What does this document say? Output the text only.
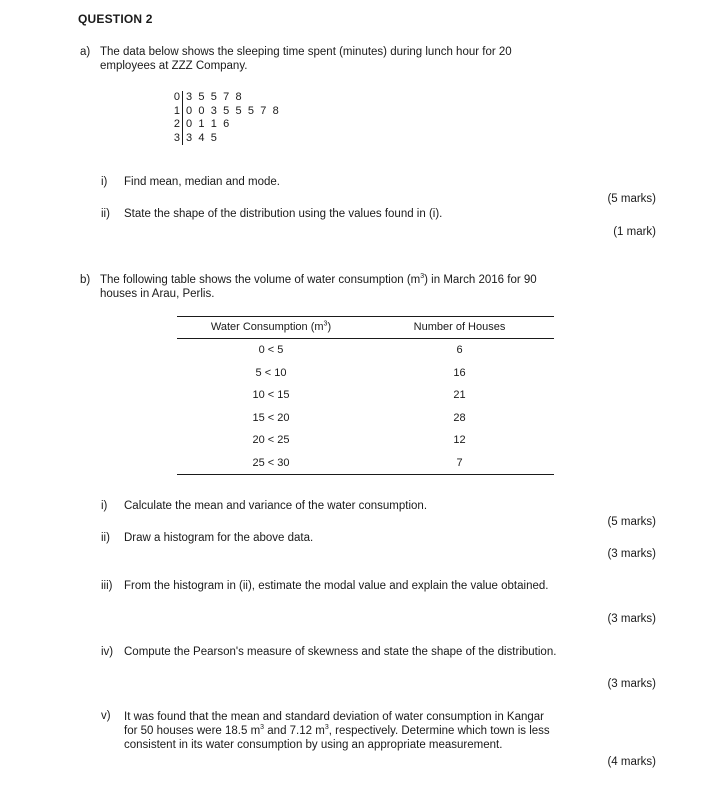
QUESTION 2
a) The data below shows the sleeping time spent (minutes) during lunch hour for 20
employees at ZZZ Company.
0 3 5 5 7 8
1 0 0 3 5 5 5 7 8
2 0 1 1 6
3 3 4 5
i) Find mean, median and mode.
(5 marks)
ii) State the shape of the distribution using the values found in (i).
(1 mark)
b) The following table shows the volume of water consumption $(m^3)$ in March 2016 for 90
houses in Arau, Perlis.
Water Consumption $(m^3)$	Number of Houses
0 < 5	6
5 < 10	16
10 < 15	21
15 < 20	28
20 < 25	12
25 < 30	7
i) Calculate the mean and variance of the water consumption.
(5 marks)
ii) Draw a histogram for the above data.
(3 marks)
iii) From the histogram in (ii), estimate the modal value and explain the value obtained.
(3 marks)
iv) Compute the Pearson's measure of skewness and state the shape of the distribution.
(3 marks)
v) It was found that the mean and standard deviation of water consumption in Kangar
for 50 houses were 18.5 $m^3$ and 7.12 $m^3$, respectively. Determine which town is less
consistent in its water consumption by using an appropriate measurement.
(4 marks)
